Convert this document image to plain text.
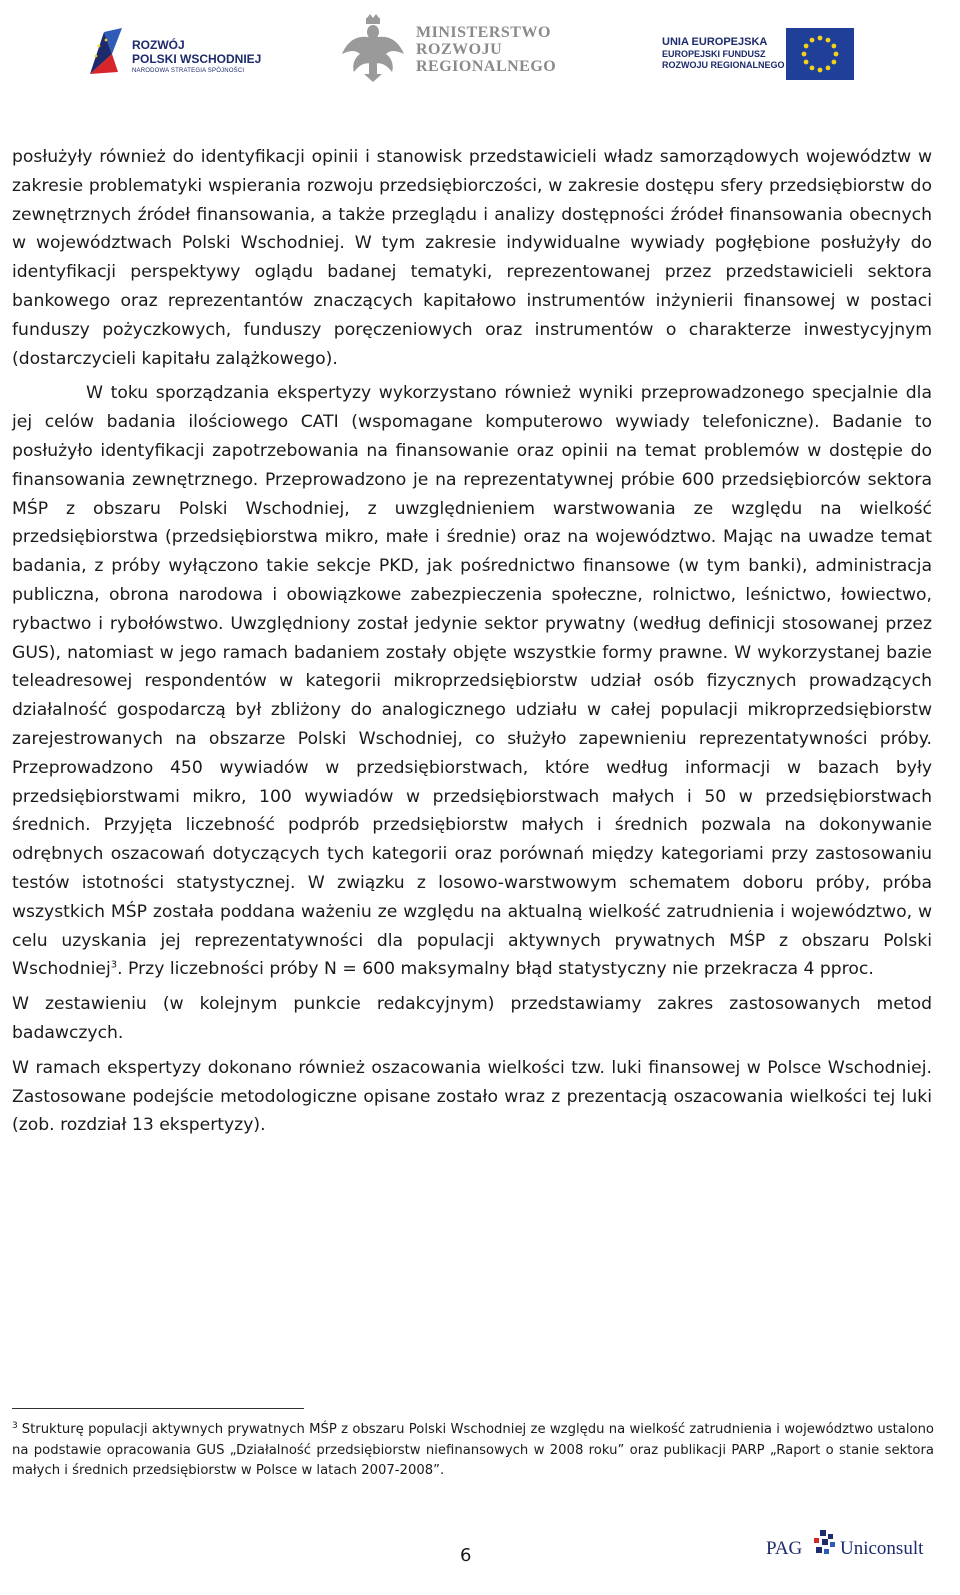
ROZWÓJ
POLSKI WSCHODNIEJ
NARODOWA STRATEGIA SPÓJNOŚCI
MINISTERSTWO
ROZWOJU
REGIONALNEGO
UNIA EUROPEJSKA
EUROPEJSKI FUNDUSZ
ROZWOJU REGIONALNEGO

posłużyły również do identyfikacji opinii i stanowisk przedstawicieli władz samorządowych województw w zakresie problematyki wspierania rozwoju przedsiębiorczości, w zakresie dostępu sfery przedsiębiorstw do zewnętrznych źródeł finansowania, a także przeglądu i analizy dostępności źródeł finansowania obecnych w województwach Polski Wschodniej. W tym zakresie indywidualne wywiady pogłębione posłużyły do identyfikacji perspektywy oglądu badanej tematyki, reprezentowanej przez przedstawicieli sektora bankowego oraz reprezentantów znaczących kapitałowo instrumentów inżynierii finansowej w postaci funduszy pożyczkowych, funduszy poręczeniowych oraz instrumentów o charakterze inwestycyjnym (dostarczycieli kapitału zalążkowego).

W toku sporządzania ekspertyzy wykorzystano również wyniki przeprowadzonego specjalnie dla jej celów badania ilościowego CATI (wspomagane komputerowo wywiady telefoniczne). Badanie to posłużyło identyfikacji zapotrzebowania na finansowanie oraz opinii na temat problemów w dostępie do finansowania zewnętrznego. Przeprowadzono je na reprezentatywnej próbie 600 przedsiębiorców sektora MŚP z obszaru Polski Wschodniej, z uwzględnieniem warstwowania ze względu na wielkość przedsiębiorstwa (przedsiębiorstwa mikro, małe i średnie) oraz na województwo. Mając na uwadze temat badania, z próby wyłączono takie sekcje PKD, jak pośrednictwo finansowe (w tym banki), administracja publiczna, obrona narodowa i obowiązkowe zabezpieczenia społeczne, rolnictwo, leśnictwo, łowiectwo, rybactwo i rybołówstwo. Uwzględniony został jedynie sektor prywatny (według definicji stosowanej przez GUS), natomiast w jego ramach badaniem zostały objęte wszystkie formy prawne. W wykorzystanej bazie teleadresowej respondentów w kategorii mikroprzedsiębiorstw udział osób fizycznych prowadzących działalność gospodarczą był zbliżony do analogicznego udziału w całej populacji mikroprzedsiębiorstw zarejestrowanych na obszarze Polski Wschodniej, co służyło zapewnieniu reprezentatywności próby. Przeprowadzono 450 wywiadów w przedsiębiorstwach, które według informacji w bazach były przedsiębiorstwami mikro, 100 wywiadów w przedsiębiorstwach małych i 50 w przedsiębiorstwach średnich. Przyjęta liczebność podprób przedsiębiorstw małych i średnich pozwala na dokonywanie odrębnych oszacowań dotyczących tych kategorii oraz porównań między kategoriami przy zastosowaniu testów istotności statystycznej. W związku z losowo-warstwowym schematem doboru próby, próba wszystkich MŚP została poddana ważeniu ze względu na aktualną wielkość zatrudnienia i województwo, w celu uzyskania jej reprezentatywności dla populacji aktywnych prywatnych MŚP z obszaru Polski Wschodniej$^3$. Przy liczebności próby N = 600 maksymalny błąd statystyczny nie przekracza 4 pproc.

W zestawieniu (w kolejnym punkcie redakcyjnym) przedstawiamy zakres zastosowanych metod badawczych.

W ramach ekspertyzy dokonano również oszacowania wielkości tzw. luki finansowej w Polsce Wschodniej. Zastosowane podejście metodologiczne opisane zostało wraz z prezentacją oszacowania wielkości tej luki (zob. rozdział 13 ekspertyzy).

$^3$ Strukturę populacji aktywnych prywatnych MŚP z obszaru Polski Wschodniej ze względu na wielkość zatrudnienia i województwo ustalono na podstawie opracowania GUS „Działalność przedsiębiorstw niefinansowych w 2008 roku” oraz publikacji PARP „Raport o stanie sektora małych i średnich przedsiębiorstw w Polsce w latach 2007-2008”.

6	PAG Uniconsult
